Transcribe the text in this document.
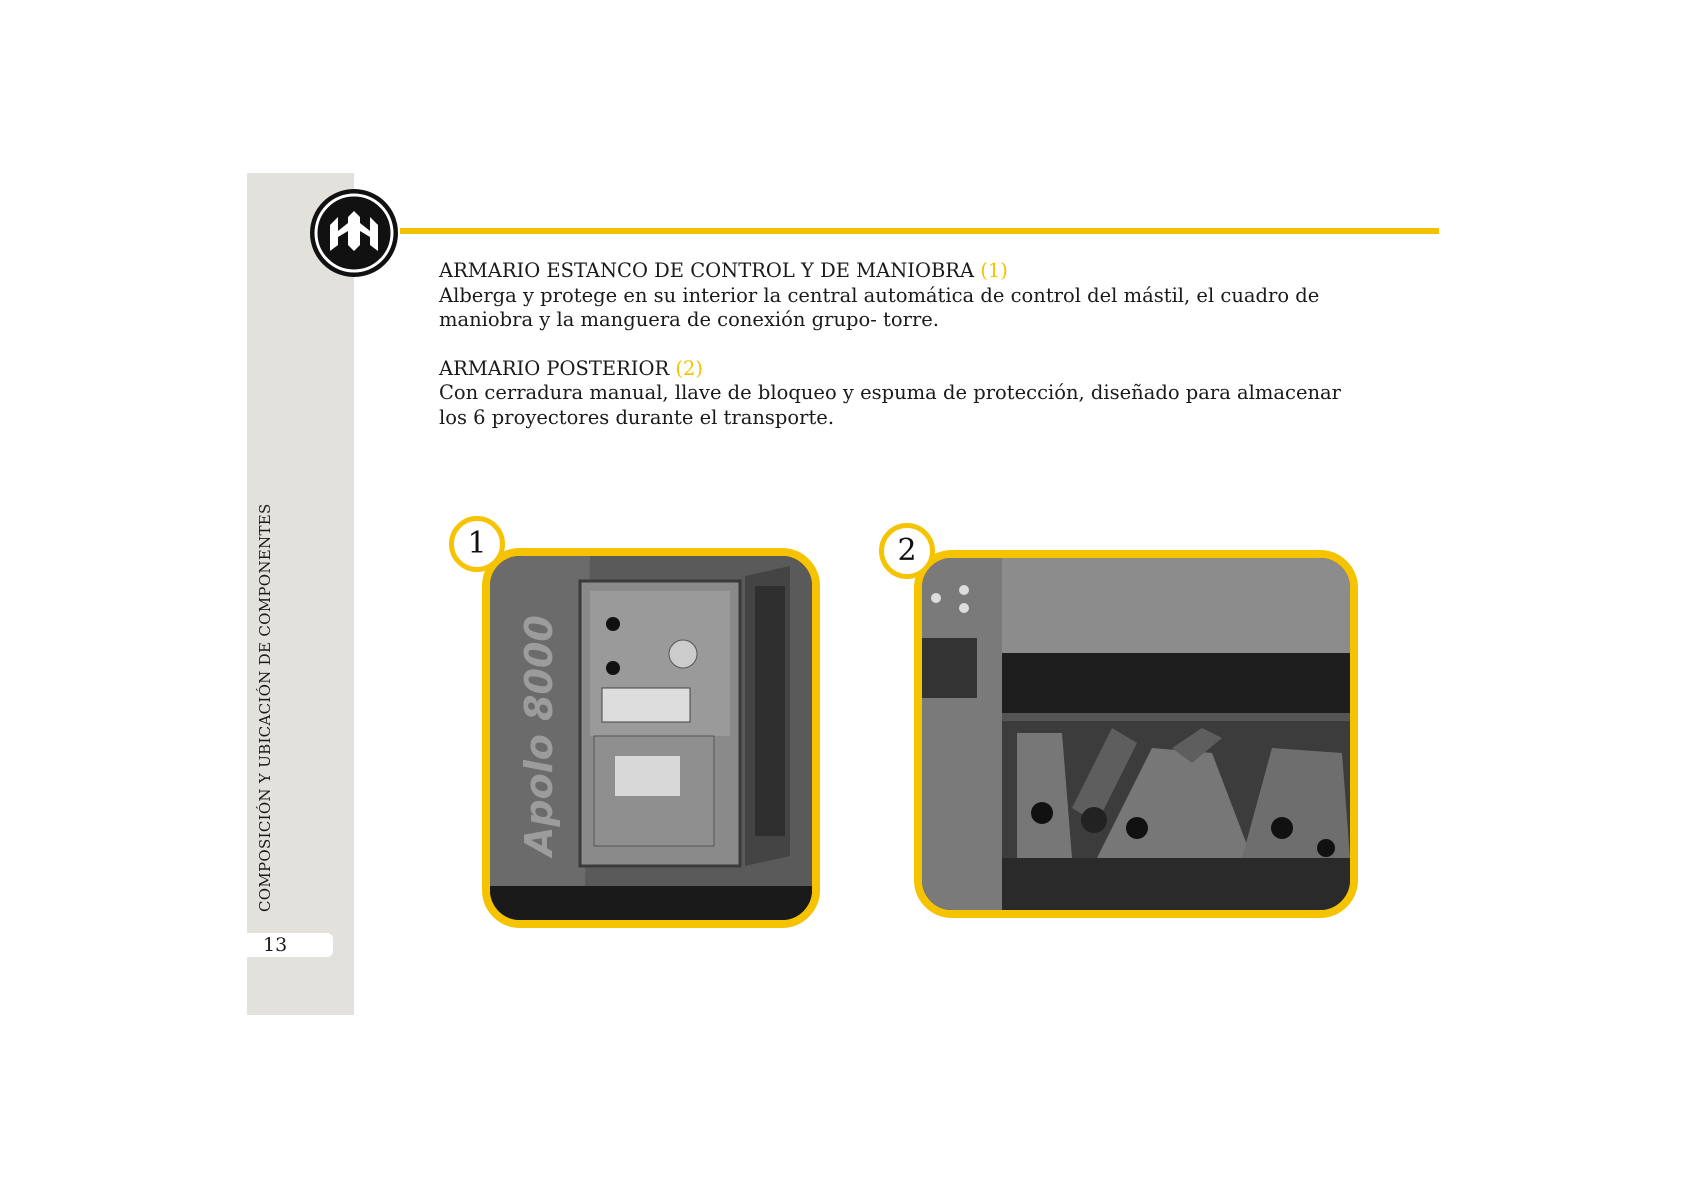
COMPOSICIÓN Y UBICACIÓN DE COMPONENTES
13

ARMARIO ESTANCO DE CONTROL Y DE MANIOBRA (1)

Alberga y protege en su interior la central automática de control del mástil, el cuadro de maniobra y la manguera de conexión grupo- torre.

ARMARIO POSTERIOR (2)

Con cerradura manual, llave de bloqueo y espuma de protección, diseñado para almacenar los 6 proyectores durante el transporte.

Apolo 8000
1	2
